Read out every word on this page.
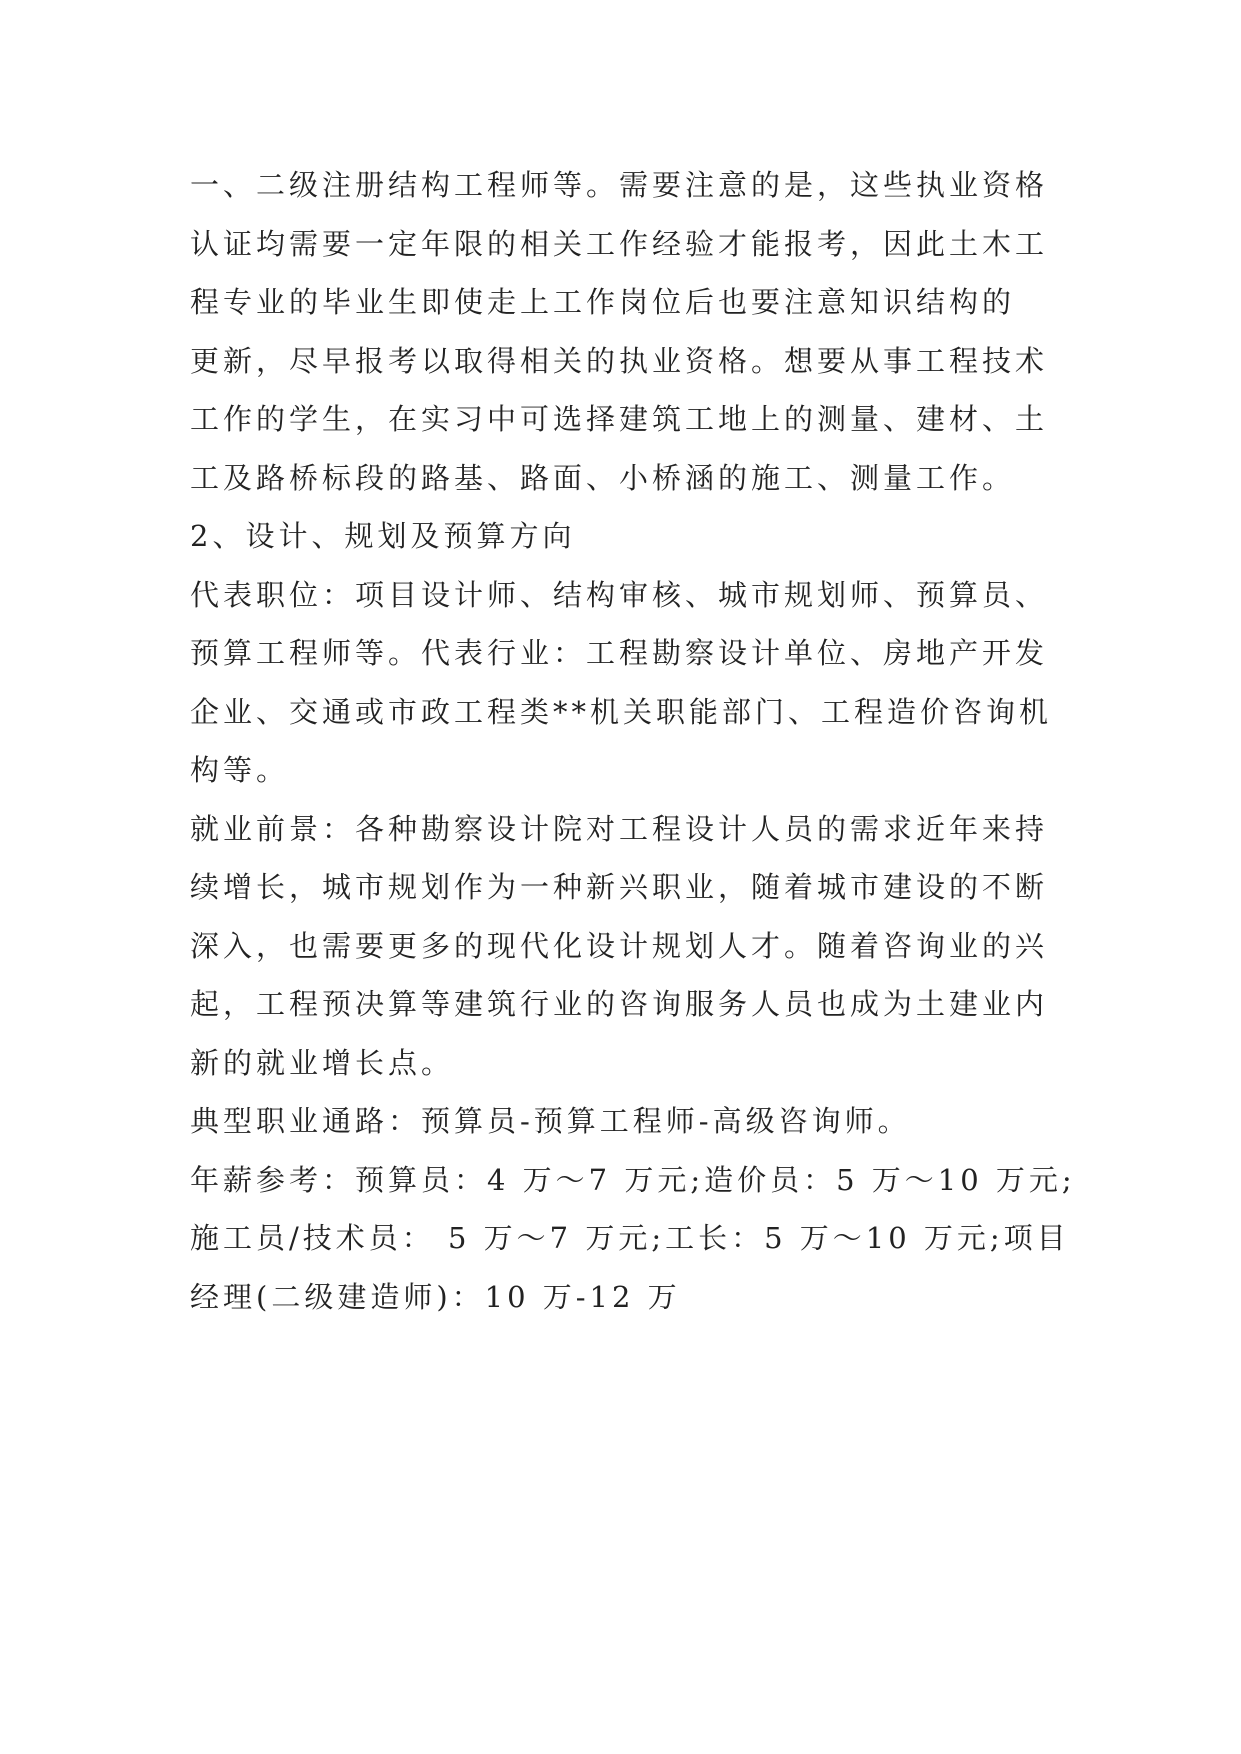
一、二级注册结构工程师等。需要注意的是，这些执业资格
认证均需要一定年限的相关工作经验才能报考，因此土木工
程专业的毕业生即使走上工作岗位后也要注意知识结构的
更新，尽早报考以取得相关的执业资格。想要从事工程技术
工作的学生，在实习中可选择建筑工地上的测量、建材、土
工及路桥标段的路基、路面、小桥涵的施工、测量工作。
2、设计、规划及预算方向
代表职位：项目设计师、结构审核、城市规划师、预算员、
预算工程师等。代表行业：工程勘察设计单位、房地产开发
企业、交通或市政工程类**机关职能部门、工程造价咨询机
构等。
就业前景：各种勘察设计院对工程设计人员的需求近年来持
续增长，城市规划作为一种新兴职业，随着城市建设的不断
深入，也需要更多的现代化设计规划人才。随着咨询业的兴
起，工程预决算等建筑行业的咨询服务人员也成为土建业内
新的就业增长点。
典型职业通路：预算员-预算工程师-高级咨询师。
年薪参考：预算员：4 万～7 万元;造价员：5 万～10 万元;
施工员/技术员： 5 万～7 万元;工长：5 万～10 万元;项目
经理(二级建造师)：10 万-12 万
